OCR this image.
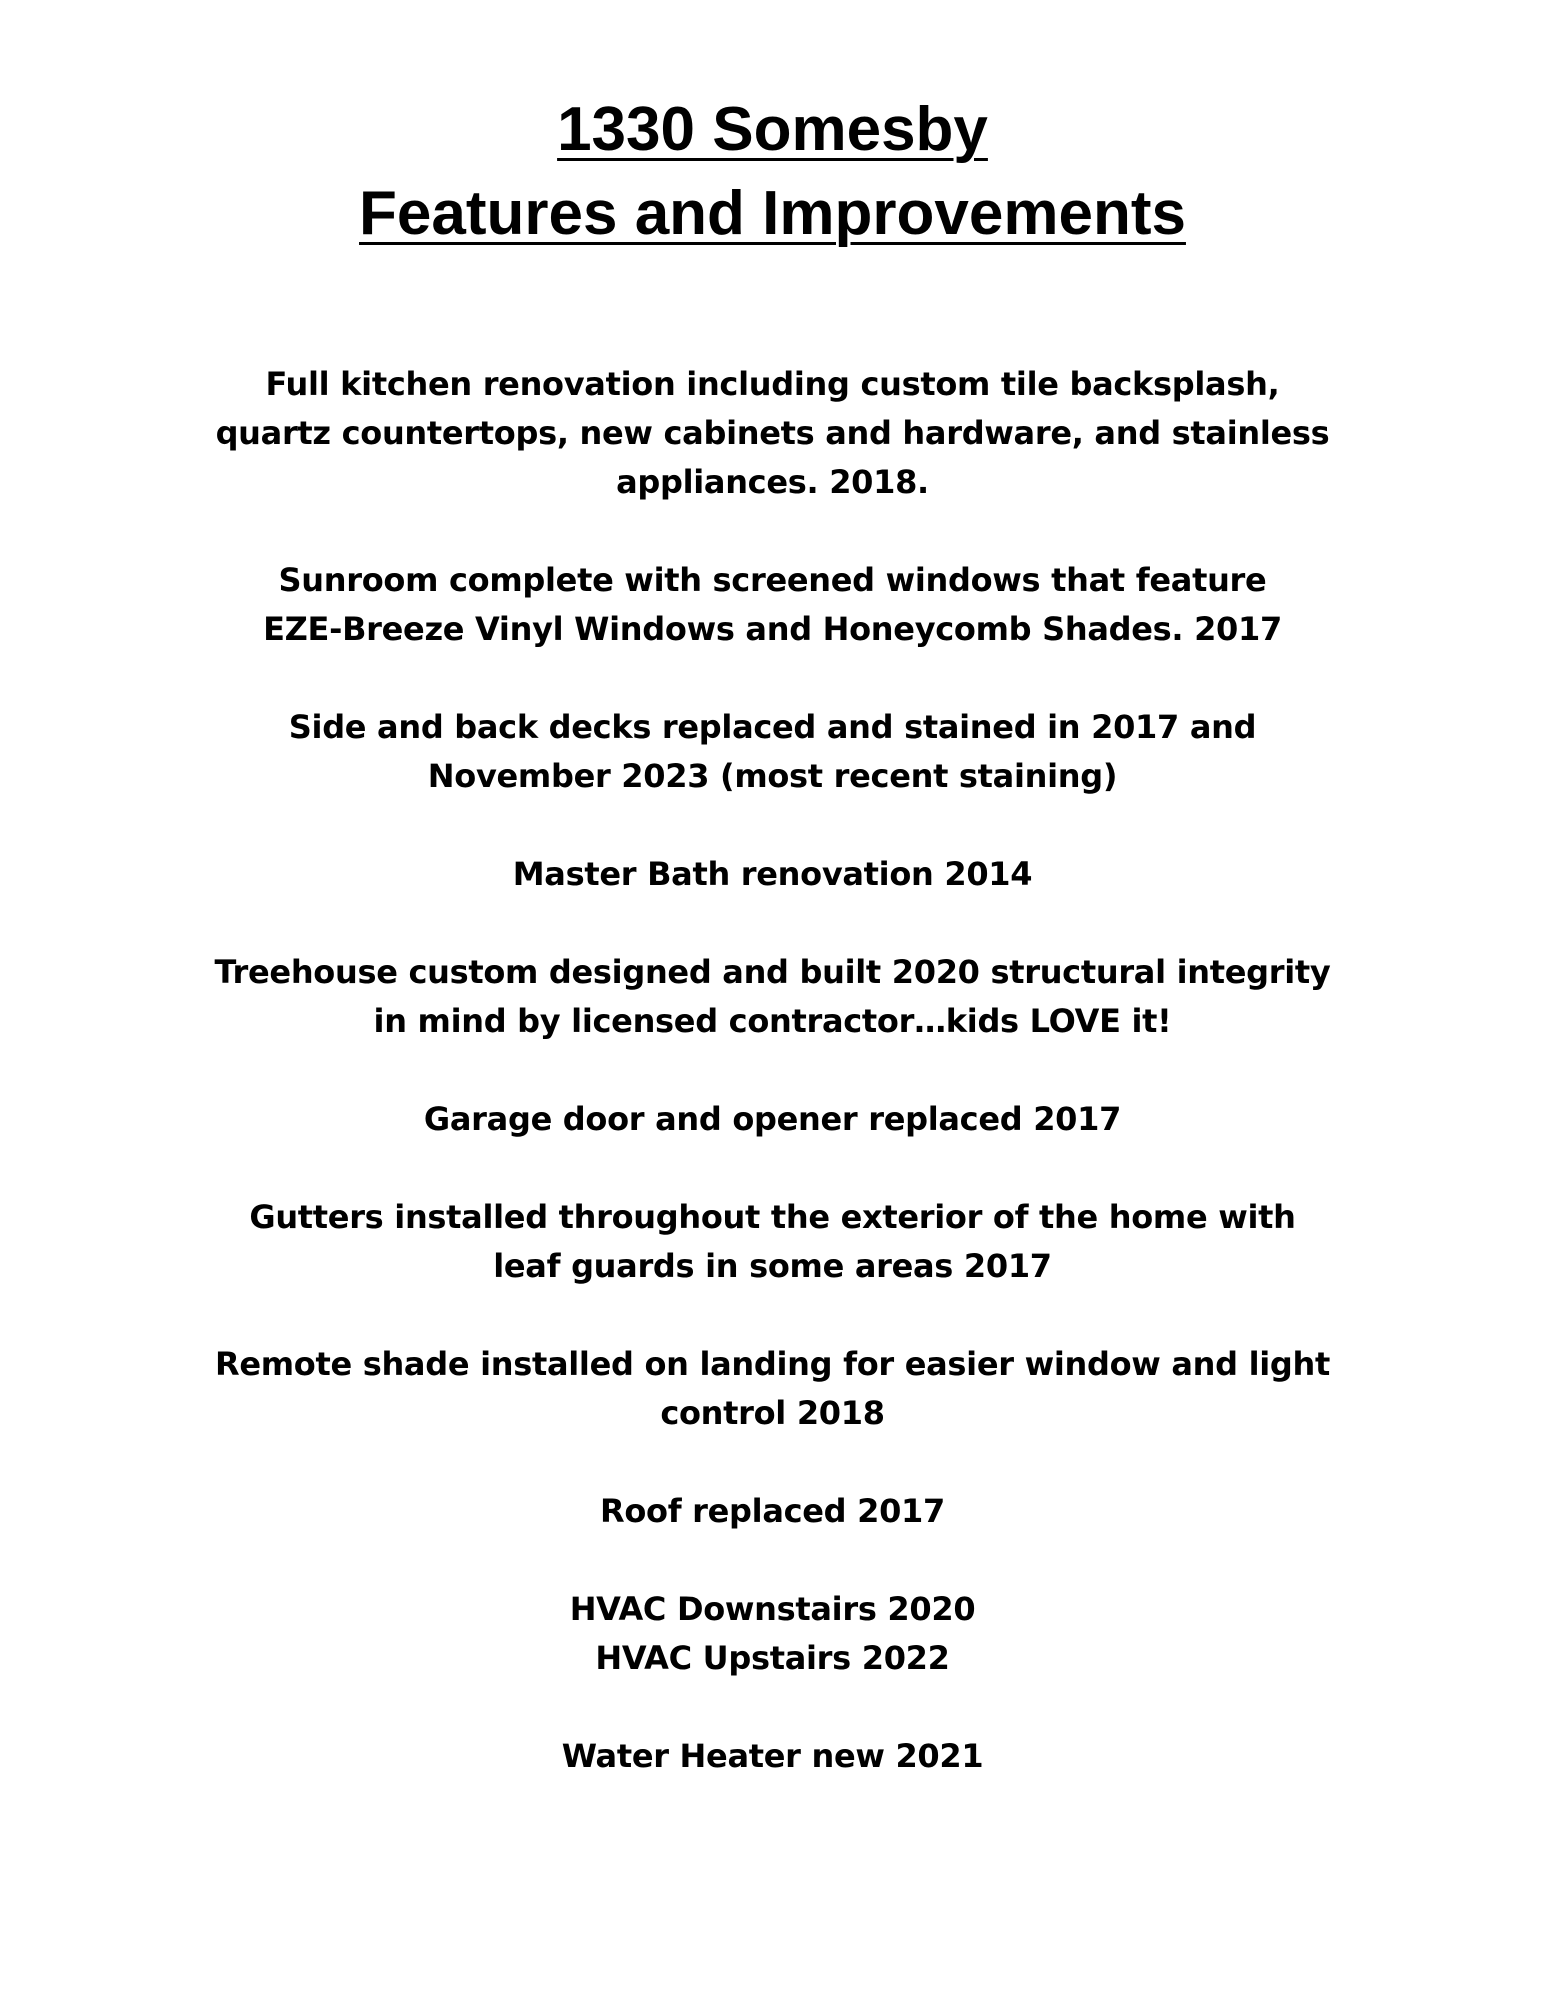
1330 Somesby
Features and Improvements
Full kitchen renovation including custom tile backsplash,
quartz countertops, new cabinets and hardware, and stainless
appliances. 2018.
Sunroom complete with screened windows that feature
EZE-Breeze Vinyl Windows and Honeycomb Shades. 2017
Side and back decks replaced and stained in 2017 and
November 2023 (most recent staining)
Master Bath renovation 2014
Treehouse custom designed and built 2020 structural integrity
in mind by licensed contractor…kids LOVE it!
Garage door and opener replaced 2017
Gutters installed throughout the exterior of the home with
leaf guards in some areas 2017
Remote shade installed on landing for easier window and light
control 2018
Roof replaced 2017
HVAC Downstairs 2020
HVAC Upstairs 2022
Water Heater new 2021
